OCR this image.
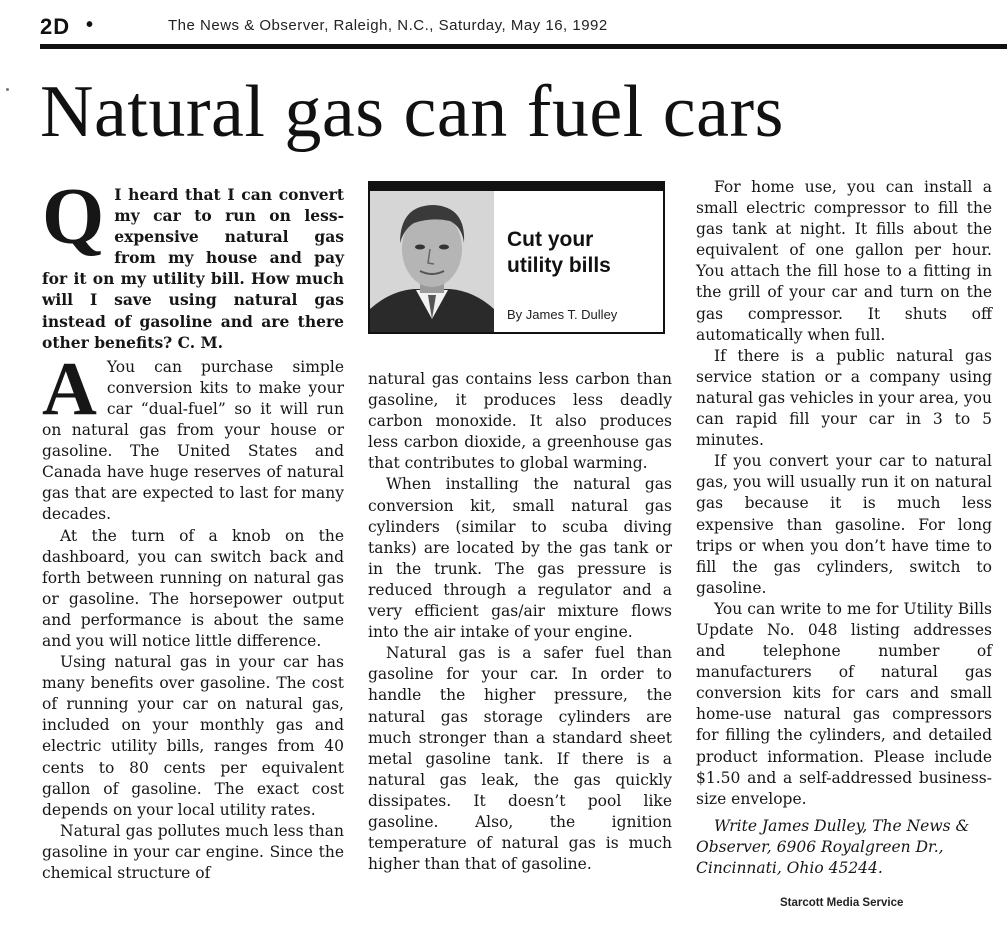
2D •	The News & Observer, Raleigh, N.C., Saturday, May 16, 1992
Natural gas can fuel cars
Q I heard that I can convert my car to run on less-expensive natural gas from my house and pay for it on my utility bill. How much will I save using natural gas instead of gasoline and are there other benefits? C. M.

A You can purchase simple conversion kits to make your car “dual-fuel” so it will run on natural gas from your house or gasoline. The United States and Canada have huge reserves of natural gas that are expected to last for many decades.

At the turn of a knob on the dashboard, you can switch back and forth between running on natural gas or gasoline. The horsepower output and performance is about the same and you will notice little difference.

Using natural gas in your car has many benefits over gasoline. The cost of running your car on natural gas, included on your monthly gas and electric utility bills, ranges from 40 cents to 80 cents per equivalent gallon of gasoline. The exact cost depends on your local utility rates.

Natural gas pollutes much less than gasoline in your car engine. Since the chemical structure of

Cut your
utility bills
By James T. Dulley

natural gas contains less carbon than gasoline, it produces less deadly carbon monoxide. It also produces less carbon dioxide, a greenhouse gas that contributes to global warming.

When installing the natural gas conversion kit, small natural gas cylinders (similar to scuba diving tanks) are located by the gas tank or in the trunk. The gas pressure is reduced through a regulator and a very efficient gas/air mixture flows into the air intake of your engine.

Natural gas is a safer fuel than gasoline for your car. In order to handle the higher pressure, the natural gas storage cylinders are much stronger than a standard sheet metal gasoline tank. If there is a natural gas leak, the gas quickly dissipates. It doesn’t pool like gasoline. Also, the ignition temperature of natural gas is much higher than that of gasoline.

For home use, you can install a small electric compressor to fill the gas tank at night. It fills about the equivalent of one gallon per hour. You attach the fill hose to a fitting in the grill of your car and turn on the gas compressor. It shuts off automatically when full.

If there is a public natural gas service station or a company using natural gas vehicles in your area, you can rapid fill your car in 3 to 5 minutes.

If you convert your car to natural gas, you will usually run it on natural gas because it is much less expensive than gasoline. For long trips or when you don’t have time to fill the gas cylinders, switch to gasoline.

You can write to me for Utility Bills Update No. 048 listing addresses and telephone number of manufacturers of natural gas conversion kits for cars and small home-use natural gas compressors for filling the cylinders, and detailed product information. Please include $1.50 and a self-addressed business-size envelope.

Write James Dulley, The News & Observer, 6906 Royalgreen Dr., Cincinnati, Ohio 45244.

Starcott Media Service
